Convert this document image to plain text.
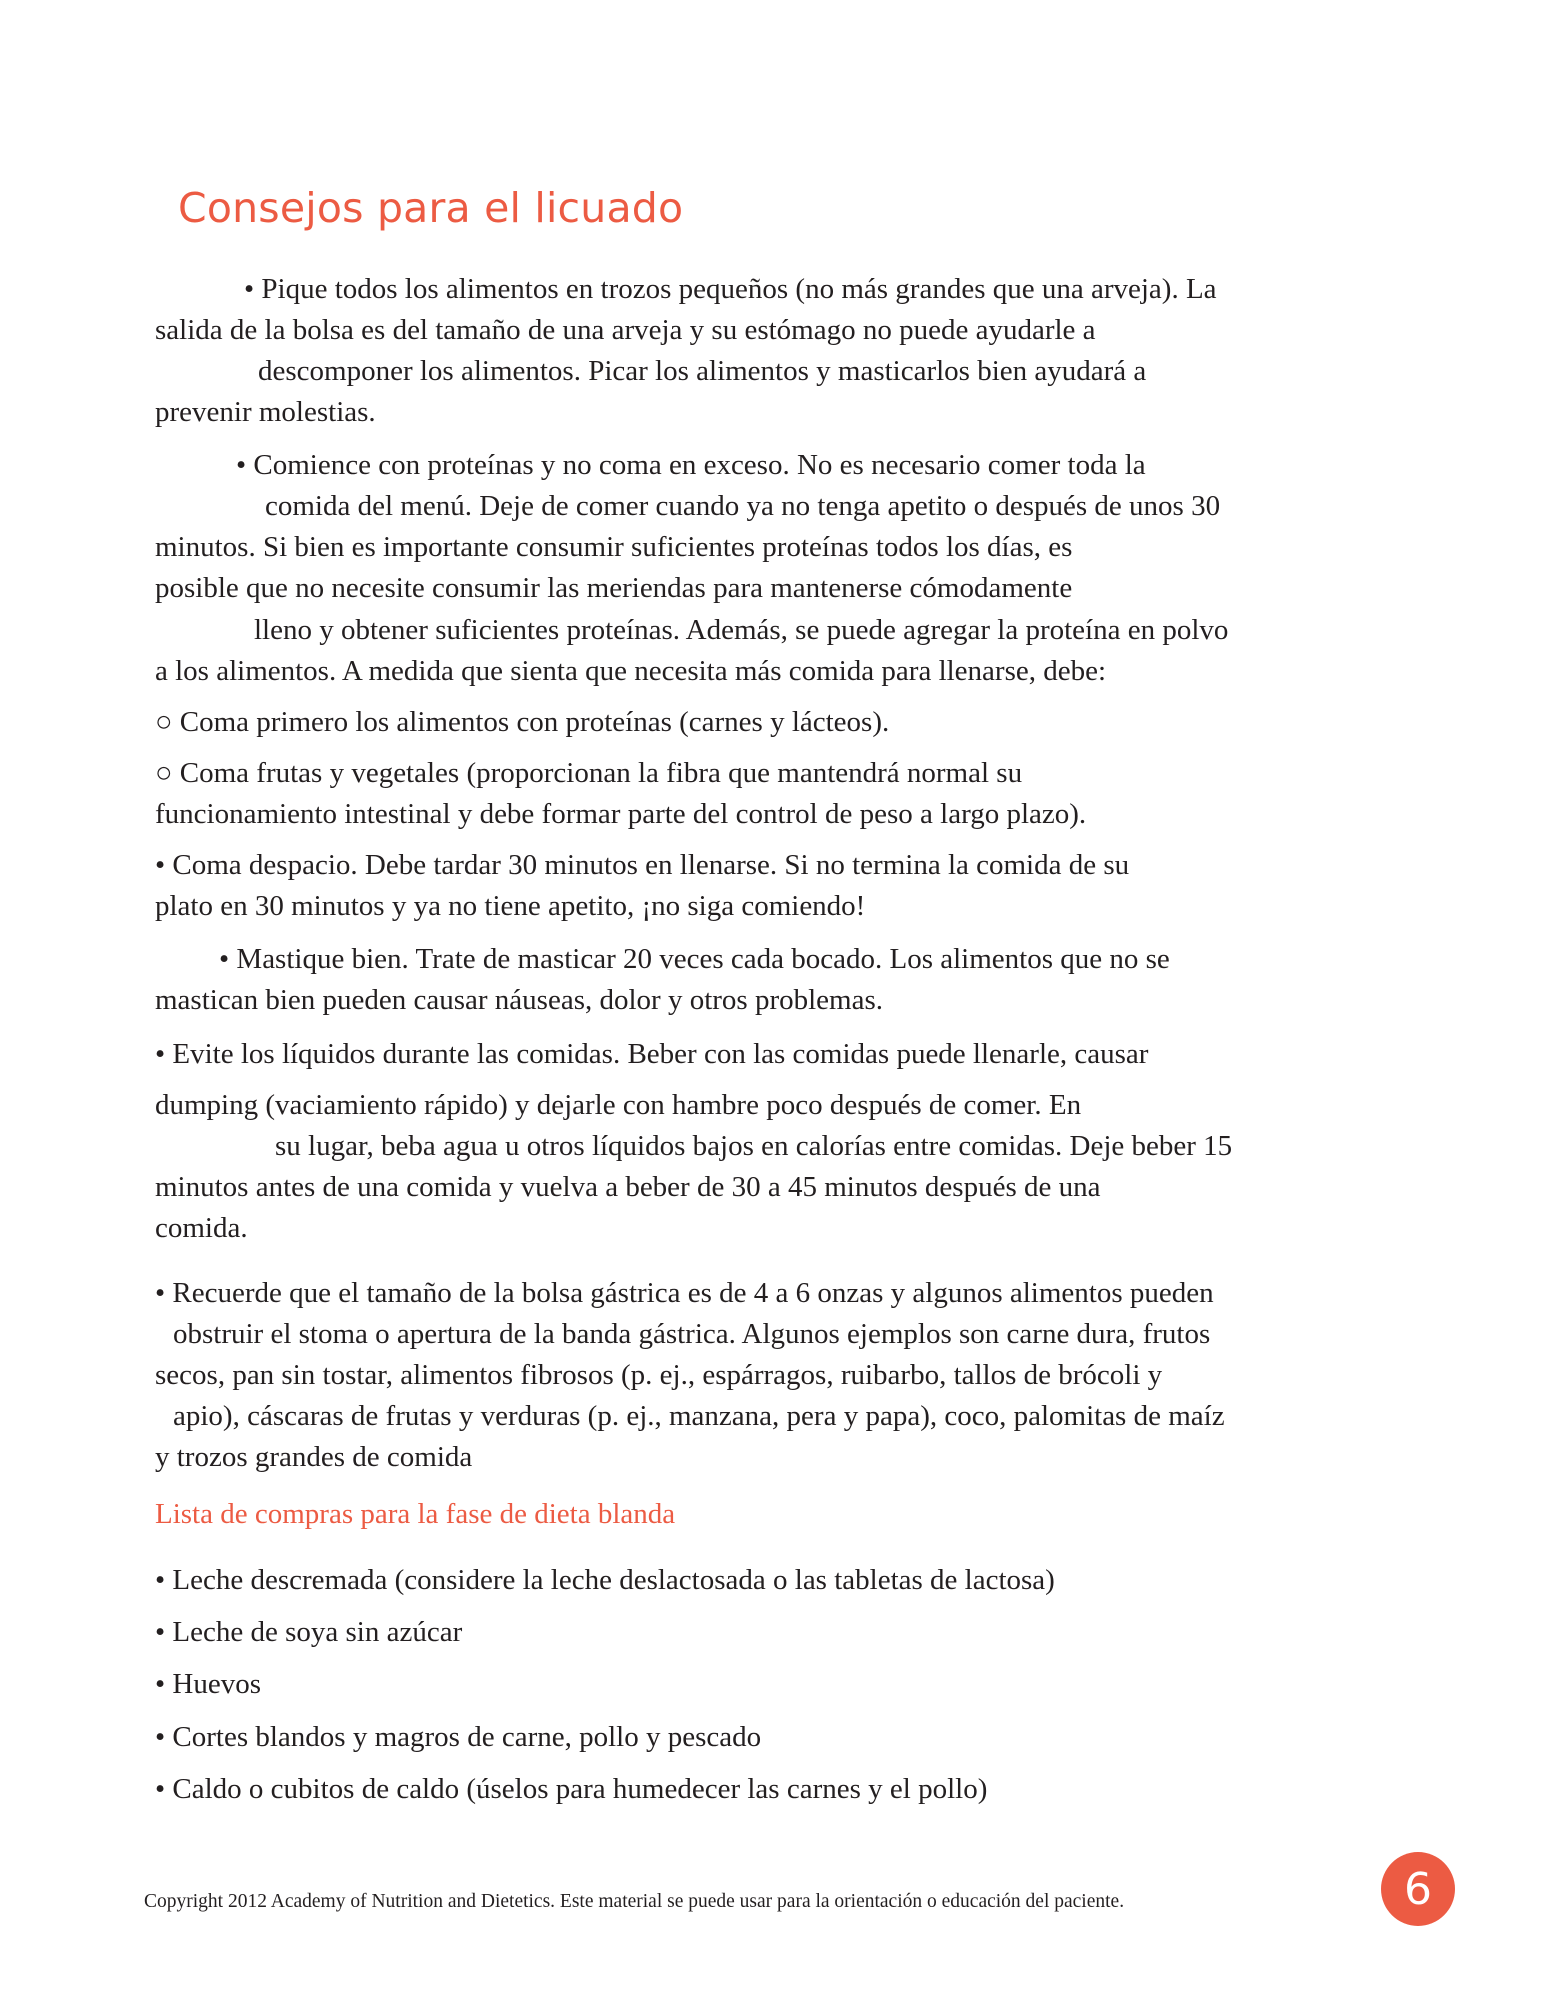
Consejos para el licuado
• Pique todos los alimentos en trozos pequeños (no más grandes que una arveja). La
salida de la bolsa es del tamaño de una arveja y su estómago no puede ayudarle a
descomponer los alimentos. Picar los alimentos y masticarlos bien ayudará a
prevenir molestias.
• Comience con proteínas y no coma en exceso. No es necesario comer toda la
comida del menú. Deje de comer cuando ya no tenga apetito o después de unos 30
minutos. Si bien es importante consumir suficientes proteínas todos los días, es
posible que no necesite consumir las meriendas para mantenerse cómodamente
lleno y obtener suficientes proteínas. Además, se puede agregar la proteína en polvo
a los alimentos. A medida que sienta que necesita más comida para llenarse, debe:
○ Coma primero los alimentos con proteínas (carnes y lácteos).
○ Coma frutas y vegetales (proporcionan la fibra que mantendrá normal su
funcionamiento intestinal y debe formar parte del control de peso a largo plazo).
• Coma despacio. Debe tardar 30 minutos en llenarse. Si no termina la comida de su
plato en 30 minutos y ya no tiene apetito, ¡no siga comiendo!
• Mastique bien. Trate de masticar 20 veces cada bocado. Los alimentos que no se
mastican bien pueden causar náuseas, dolor y otros problemas.
• Evite los líquidos durante las comidas. Beber con las comidas puede llenarle, causar
dumping (vaciamiento rápido) y dejarle con hambre poco después de comer. En
su lugar, beba agua u otros líquidos bajos en calorías entre comidas. Deje beber 15
minutos antes de una comida y vuelva a beber de 30 a 45 minutos después de una
comida.
• Recuerde que el tamaño de la bolsa gástrica es de 4 a 6 onzas y algunos alimentos pueden
obstruir el stoma o apertura de la banda gástrica. Algunos ejemplos son carne dura, frutos
secos, pan sin tostar, alimentos fibrosos (p. ej., espárragos, ruibarbo, tallos de brócoli y
apio), cáscaras de frutas y verduras (p. ej., manzana, pera y papa), coco, palomitas de maíz
y trozos grandes de comida
Lista de compras para la fase de dieta blanda
• Leche descremada (considere la leche deslactosada o las tabletas de lactosa)
• Leche de soya sin azúcar
• Huevos
• Cortes blandos y magros de carne, pollo y pescado
• Caldo o cubitos de caldo (úselos para humedecer las carnes y el pollo)
Copyright 2012 Academy of Nutrition and Dietetics. Este material se puede usar para la orientación o educación del paciente.	6
